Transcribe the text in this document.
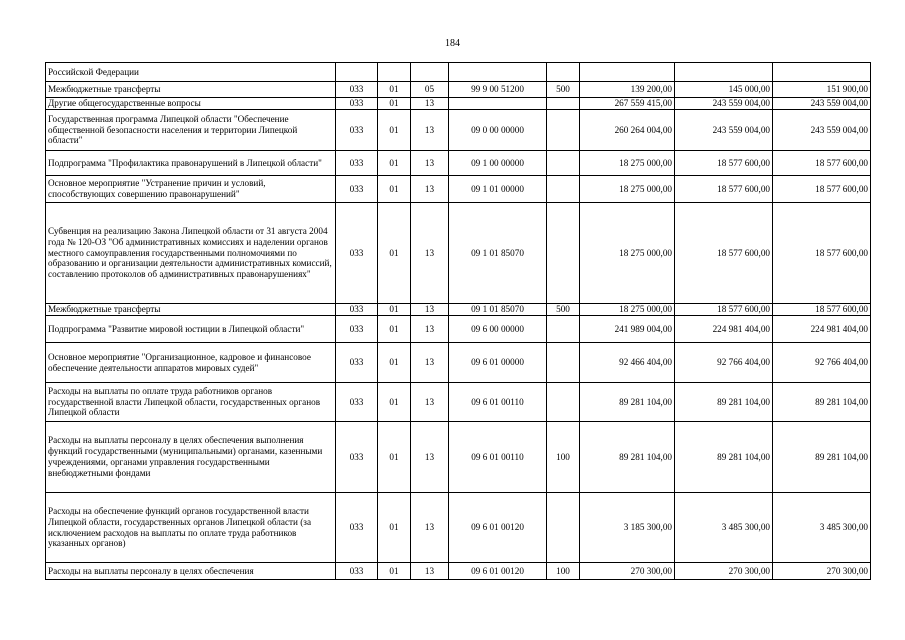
184
Российской Федерации								
Межбюджетные трансферты	033	01	05	99 9 00 51200	500	139 200,00	145 000,00	151 900,00
Другие общегосударственные вопросы	033	01	13			267 559 415,00	243 559 004,00	243 559 004,00
Государственная программа Липецкой области "Обеспечение общественной безопасности населения и территории Липецкой области"	033	01	13	09 0 00 00000		260 264 004,00	243 559 004,00	243 559 004,00
Подпрограмма "Профилактика правонарушений в Липецкой области"	033	01	13	09 1 00 00000		18 275 000,00	18 577 600,00	18 577 600,00
Основное мероприятие "Устранение причин и условий, способствующих совершению правонарушений"	033	01	13	09 1 01 00000		18 275 000,00	18 577 600,00	18 577 600,00
Субвенция на реализацию Закона Липецкой области от 31 августа 2004 года № 120-ОЗ "Об административных комиссиях и наделении органов местного самоуправления государственными полномочиями по образованию и организации деятельности административных комиссий, составлению протоколов об административных правонарушениях"	033	01	13	09 1 01 85070		18 275 000,00	18 577 600,00	18 577 600,00
Межбюджетные трансферты	033	01	13	09 1 01 85070	500	18 275 000,00	18 577 600,00	18 577 600,00
Подпрограмма "Развитие мировой юстиции в Липецкой области"	033	01	13	09 6 00 00000		241 989 004,00	224 981 404,00	224 981 404,00
Основное мероприятие "Организационное, кадровое и финансовое обеспечение деятельности аппаратов мировых судей"	033	01	13	09 6 01 00000		92 466 404,00	92 766 404,00	92 766 404,00
Расходы на выплаты по оплате труда работников органов государственной власти Липецкой области, государственных органов Липецкой области	033	01	13	09 6 01 00110		89 281 104,00	89 281 104,00	89 281 104,00
Расходы на выплаты персоналу в целях обеспечения выполнения функций государственными (муниципальными) органами, казенными учреждениями, органами управления государственными внебюджетными фондами	033	01	13	09 6 01 00110	100	89 281 104,00	89 281 104,00	89 281 104,00
Расходы на обеспечение функций органов государственной власти Липецкой области, государственных органов Липецкой области (за исключением расходов на выплаты по оплате труда работников указанных органов)	033	01	13	09 6 01 00120		3 185 300,00	3 485 300,00	3 485 300,00
Расходы на выплаты персоналу в целях обеспечения	033	01	13	09 6 01 00120	100	270 300,00	270 300,00	270 300,00
